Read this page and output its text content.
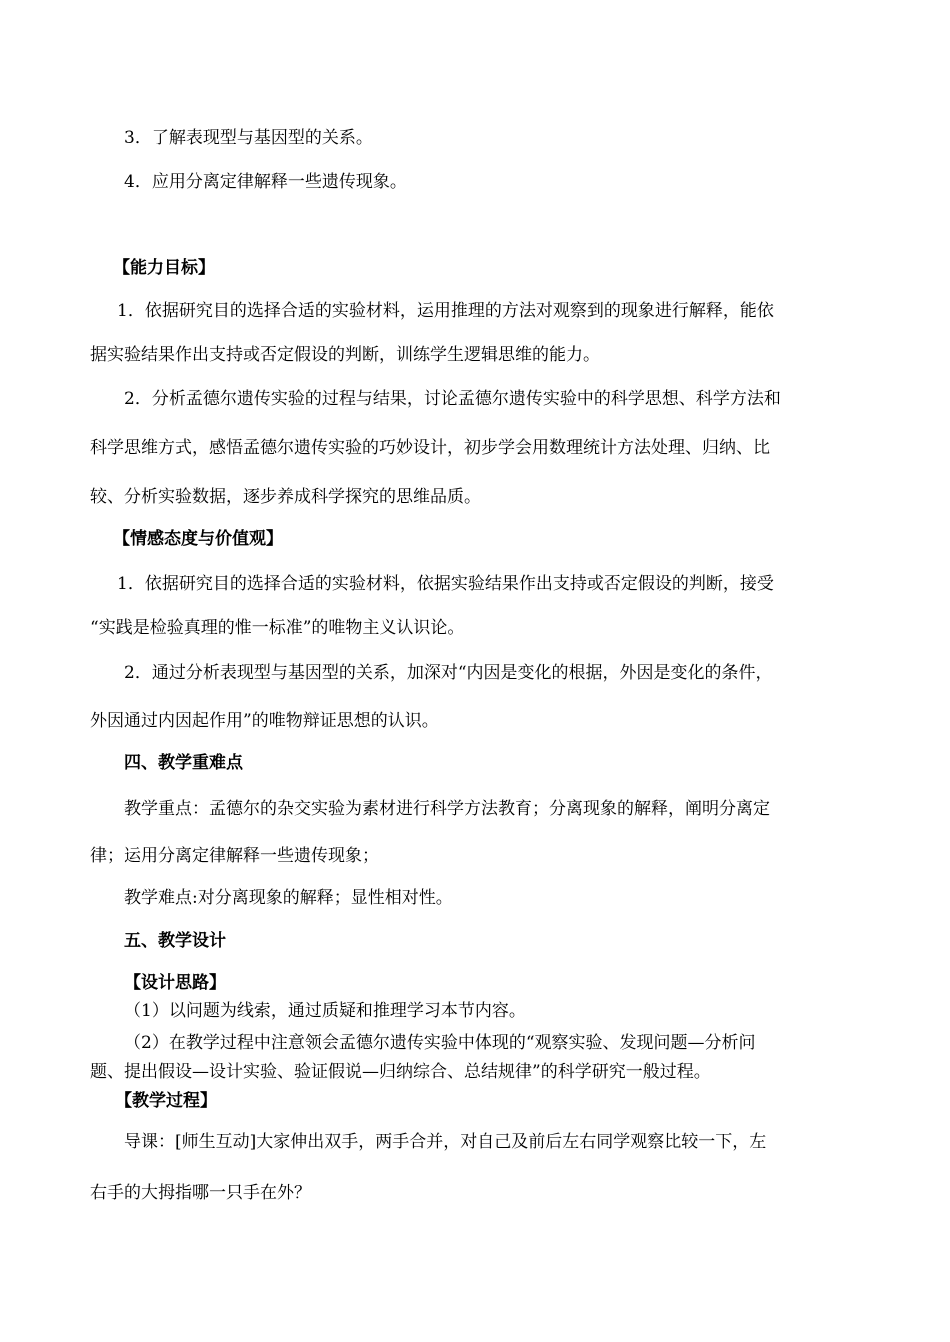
3．了解表现型与基因型的关系。
4．应用分离定律解释一些遗传现象。
【能力目标】
1．依据研究目的选择合适的实验材料，运用推理的方法对观察到的现象进行解释，能依
据实验结果作出支持或否定假设的判断，训练学生逻辑思维的能力。
2．分析孟德尔遗传实验的过程与结果，讨论孟德尔遗传实验中的科学思想、科学方法和
科学思维方式，感悟孟德尔遗传实验的巧妙设计，初步学会用数理统计方法处理、归纳、比
较、分析实验数据，逐步养成科学探究的思维品质。
【情感态度与价值观】
1．依据研究目的选择合适的实验材料，依据实验结果作出支持或否定假设的判断，接受
“实践是检验真理的惟一标准”的唯物主义认识论。
2．通过分析表现型与基因型的关系，加深对“内因是变化的根据，外因是变化的条件，
外因通过内因起作用”的唯物辩证思想的认识。
四、教学重难点
教学重点：孟德尔的杂交实验为素材进行科学方法教育；分离现象的解释，阐明分离定
律；运用分离定律解释一些遗传现象；
教学难点:对分离现象的解释；显性相对性。
五、教学设计
【设计思路】
（1）以问题为线索，通过质疑和推理学习本节内容。
（2）在教学过程中注意领会孟德尔遗传实验中体现的“观察实验、发现问题—分析问
题、提出假设—设计实验、验证假说—归纳综合、总结规律”的科学研究一般过程。
【教学过程】
导课：[师生互动]大家伸出双手，两手合并，对自己及前后左右同学观察比较一下，左
右手的大拇指哪一只手在外？
